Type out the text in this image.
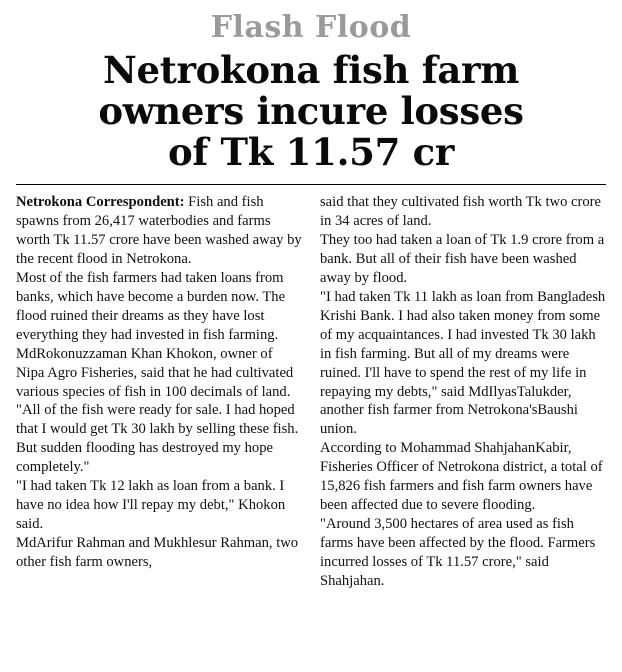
Flash Flood
Netrokona fish farm
owners incure losses
of Tk 11.57 cr

Netrokona Correspondent: Fish and fish spawns from 26,417 waterbodies and farms worth Tk 11.57 crore have been washed away by the recent flood in Netrokona.

Most of the fish farmers had taken loans from banks, which have become a burden now. The flood ruined their dreams as they have lost everything they had invested in fish farming.

MdRokonuzzaman Khan Khokon, owner of Nipa Agro Fisheries, said that he had cultivated various species of fish in 100 decimals of land. "All of the fish were ready for sale. I had hoped that I would get Tk 30 lakh by selling these fish. But sudden flooding has destroyed my hope completely."

"I had taken Tk 12 lakh as loan from a bank. I have no idea how I'll repay my debt," Khokon said.

MdArifur Rahman and Mukhlesur Rahman, two other fish farm owners,

said that they cultivated fish worth Tk two crore in 34 acres of land.

They too had taken a loan of Tk 1.9 crore from a bank. But all of their fish have been washed away by flood.

"I had taken Tk 11 lakh as loan from Bangladesh Krishi Bank. I had also taken money from some of my acquaintances. I had invested Tk 30 lakh in fish farming. But all of my dreams were ruined. I'll have to spend the rest of my life in repaying my debts," said MdIlyasTalukder, another fish farmer from Netrokona'sBaushi union.

According to Mohammad ShahjahanKabir, Fisheries Officer of Netrokona district, a total of 15,826 fish farmers and fish farm owners have been affected due to severe flooding.

"Around 3,500 hectares of area used as fish farms have been affected by the flood. Farmers incurred losses of Tk 11.57 crore," said Shahjahan.
